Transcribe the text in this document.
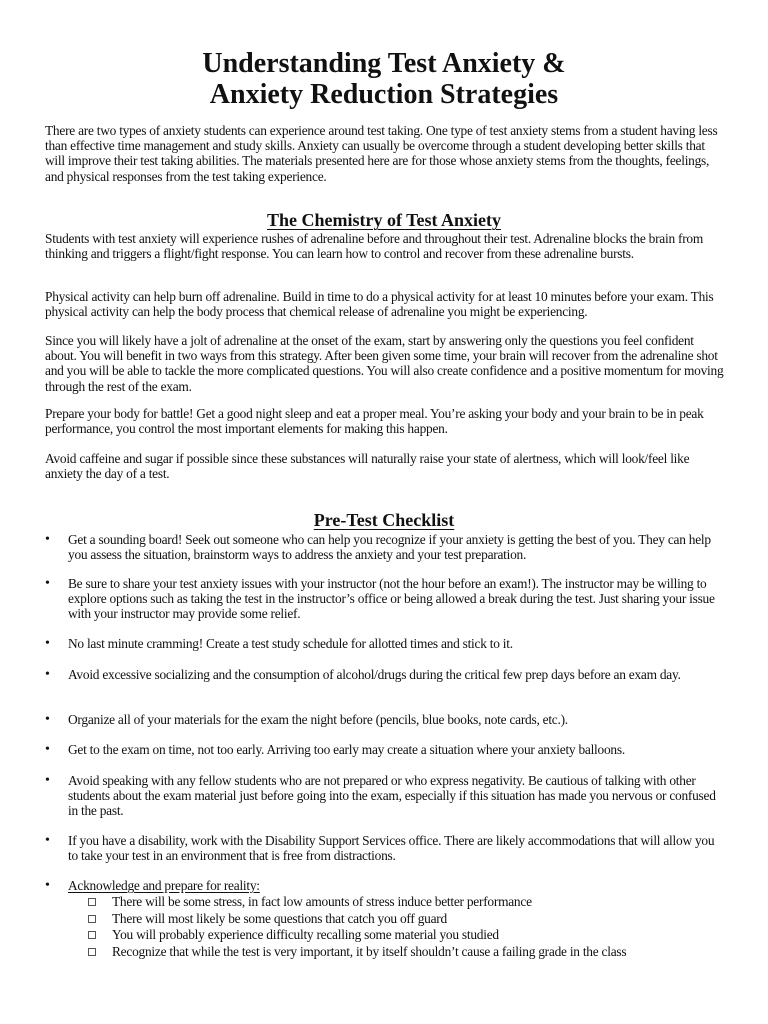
Understanding Test Anxiety &
Anxiety Reduction Strategies

There are two types of anxiety students can experience around test taking. One type of test anxiety stems from a student having less than effective time management and study skills. Anxiety can usually be overcome through a student developing better skills that will improve their test taking abilities. The materials presented here are for those whose anxiety stems from the thoughts, feelings, and physical responses from the test taking experience.

The Chemistry of Test Anxiety

Students with test anxiety will experience rushes of adrenaline before and throughout their test. Adrenaline blocks the brain from thinking and triggers a flight/fight response. You can learn how to control and recover from these adrenaline bursts.

Physical activity can help burn off adrenaline. Build in time to do a physical activity for at least 10 minutes before your exam. This physical activity can help the body process that chemical release of adrenaline you might be experiencing.

Since you will likely have a jolt of adrenaline at the onset of the exam, start by answering only the questions you feel confident about. You will benefit in two ways from this strategy. After been given some time, your brain will recover from the adrenaline shot and you will be able to tackle the more complicated questions. You will also create confidence and a positive momentum for moving through the rest of the exam.

Prepare your body for battle! Get a good night sleep and eat a proper meal. You’re asking your body and your brain to be in peak performance, you control the most important elements for making this happen.

Avoid caffeine and sugar if possible since these substances will naturally raise your state of alertness, which will look/feel like anxiety the day of a test.

Pre-Test Checklist
• Get a sounding board! Seek out someone who can help you recognize if your anxiety is getting the best of you. They can help you assess the situation, brainstorm ways to address the anxiety and your test preparation.
• Be sure to share your test anxiety issues with your instructor (not the hour before an exam!). The instructor may be willing to explore options such as taking the test in the instructor’s office or being allowed a break during the test. Just sharing your issue with your instructor may provide some relief.
• No last minute cramming! Create a test study schedule for allotted times and stick to it.
• Avoid excessive socializing and the consumption of alcohol/drugs during the critical few prep days before an exam day.
• Organize all of your materials for the exam the night before (pencils, blue books, note cards, etc.).
• Get to the exam on time, not too early. Arriving too early may create a situation where your anxiety balloons.
• Avoid speaking with any fellow students who are not prepared or who express negativity. Be cautious of talking with other students about the exam material just before going into the exam, especially if this situation has made you nervous or confused in the past.
• If you have a disability, work with the Disability Support Services office. There are likely accommodations that will allow you to take your test in an environment that is free from distractions.
• Acknowledge and prepare for reality:
There will be some stress, in fact low amounts of stress induce better performance
There will most likely be some questions that catch you off guard
You will probably experience difficulty recalling some material you studied
Recognize that while the test is very important, it by itself shouldn’t cause a failing grade in the class
